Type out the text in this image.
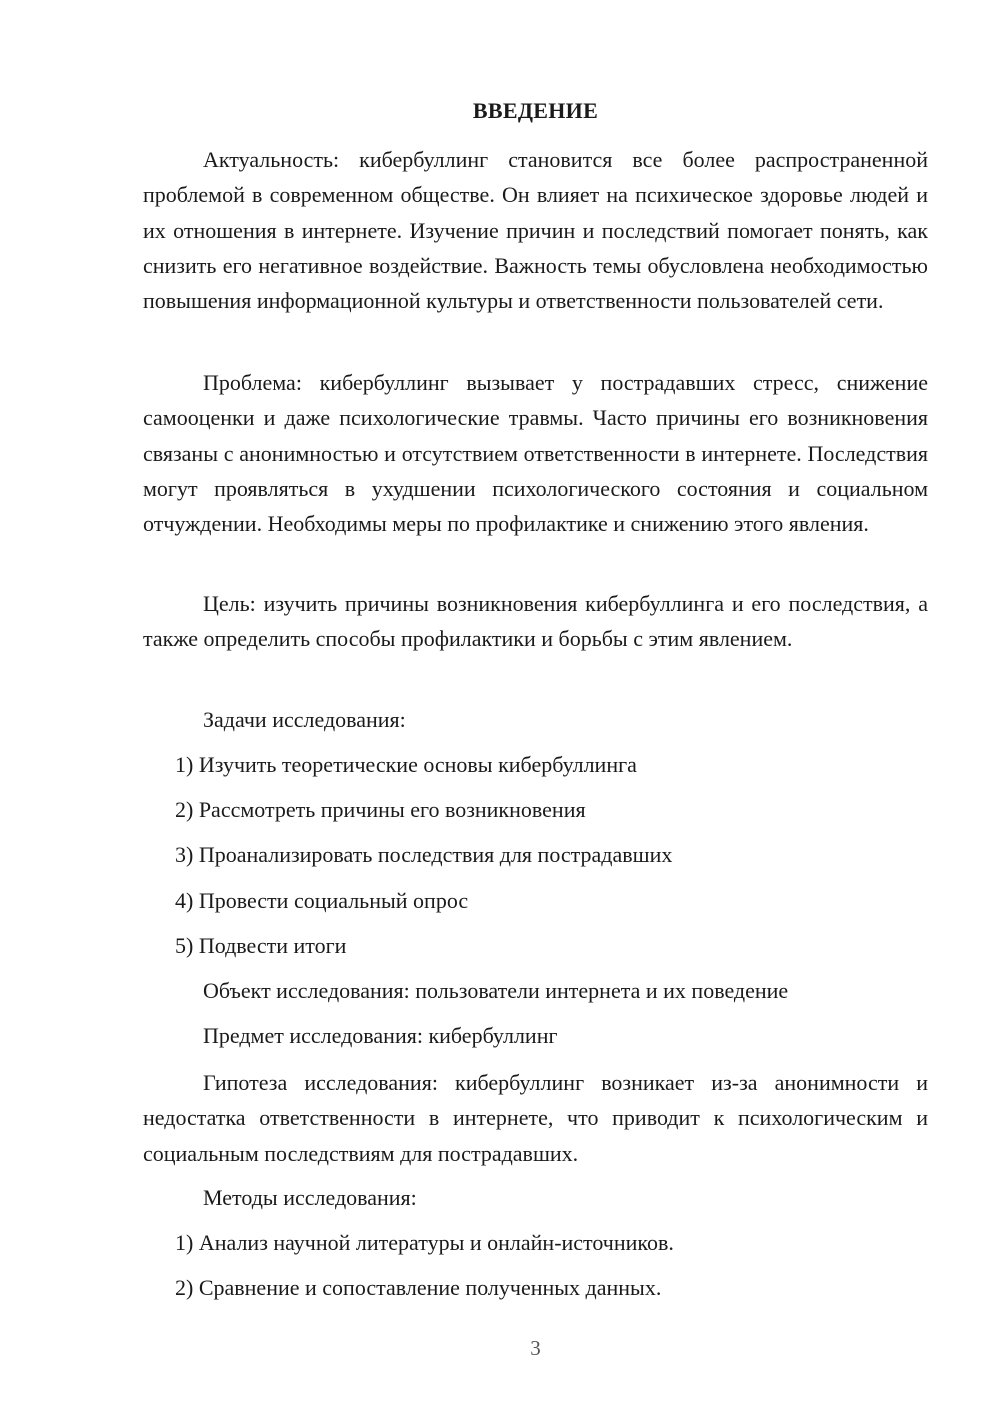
ВВЕДЕНИЕ

Актуальность: кибербуллинг становится все более распространенной проблемой в современном обществе. Он влияет на психическое здоровье людей и их отношения в интернете. Изучение причин и последствий помогает понять, как снизить его негативное воздействие. Важность темы обусловлена необходимостью повышения информационной культуры и ответственности пользователей сети.

Проблема: кибербуллинг вызывает у пострадавших стресс, снижение самооценки и даже психологические травмы. Часто причины его возникновения связаны с анонимностью и отсутствием ответственности в интернете. Последствия могут проявляться в ухудшении психологического состояния и социальном отчуждении. Необходимы меры по профилактике и снижению этого явления.

Цель: изучить причины возникновения кибербуллинга и его последствия, а также определить способы профилактики и борьбы с этим явлением.

Задачи исследования:
1) Изучить теоретические основы кибербуллинга
2) Рассмотреть причины его возникновения
3) Проанализировать последствия для пострадавших
4) Провести социальный опрос
5) Подвести итоги
Объект исследования: пользователи интернета и их поведение
Предмет исследования: кибербуллинг

Гипотеза исследования: кибербуллинг возникает из-за анонимности и недостатка ответственности в интернете, что приводит к психологическим и социальным последствиям для пострадавших.

Методы исследования:
1) Анализ научной литературы и онлайн-источников.
2) Сравнение и сопоставление полученных данных.
3
